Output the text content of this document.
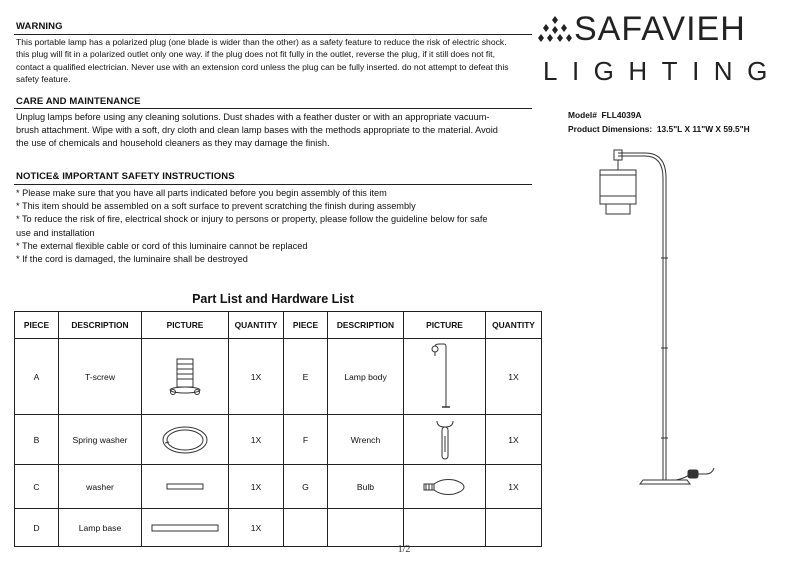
WARNING
This portable lamp has a polarized plug (one blade is wider than the other) as a safety feature to reduce the risk of electric shock.
this plug will fit in a polarized outlet only one way. if the plug does not fit fully in the outlet, reverse the plug, if it still does not fit,
contact a qualified electrician. Never use with an extension cord unless the plug can be fully inserted. do not attempt to defeat this
safety feature.
CARE AND MAINTENANCE
Unplug lamps before using any cleaning solutions. Dust shades with a feather duster or with an appropriate vacuum-
brush attachment. Wipe with a soft, dry cloth and clean lamp bases with the methods appropriate to the material. Avoid
the use of chemicals and household cleaners as they may damage the finish.
NOTICE& IMPORTANT SAFETY INSTRUCTIONS
* Please make sure that you have all parts indicated before you begin assembly of this item
* This item should be assembled on a soft surface to prevent scratching the finish during assembly
* To reduce the risk of fire, electrical shock or injury to persons or property, please follow the guideline below for safe
use and installation
* The external flexible cable or cord of this luminaire cannot be replaced
* If the cord is damaged, the luminaire shall be destroyed
SAFAVIEH
LIGHTING
Model# FLL4039A
Product Dimensions: 13.5"L X 11"W X 59.5"H
Part List and Hardware List
PIECE	DESCRIPTION	PICTURE	QUANTITY	PIECE	DESCRIPTION	PICTURE	QUANTITY
A	T-screw		1X	E	Lamp body		1X
B	Spring washer		1X	F	Wrench		1X
C	washer		1X	G	Bulb		1X
D	Lamp base		1X				
1/2
